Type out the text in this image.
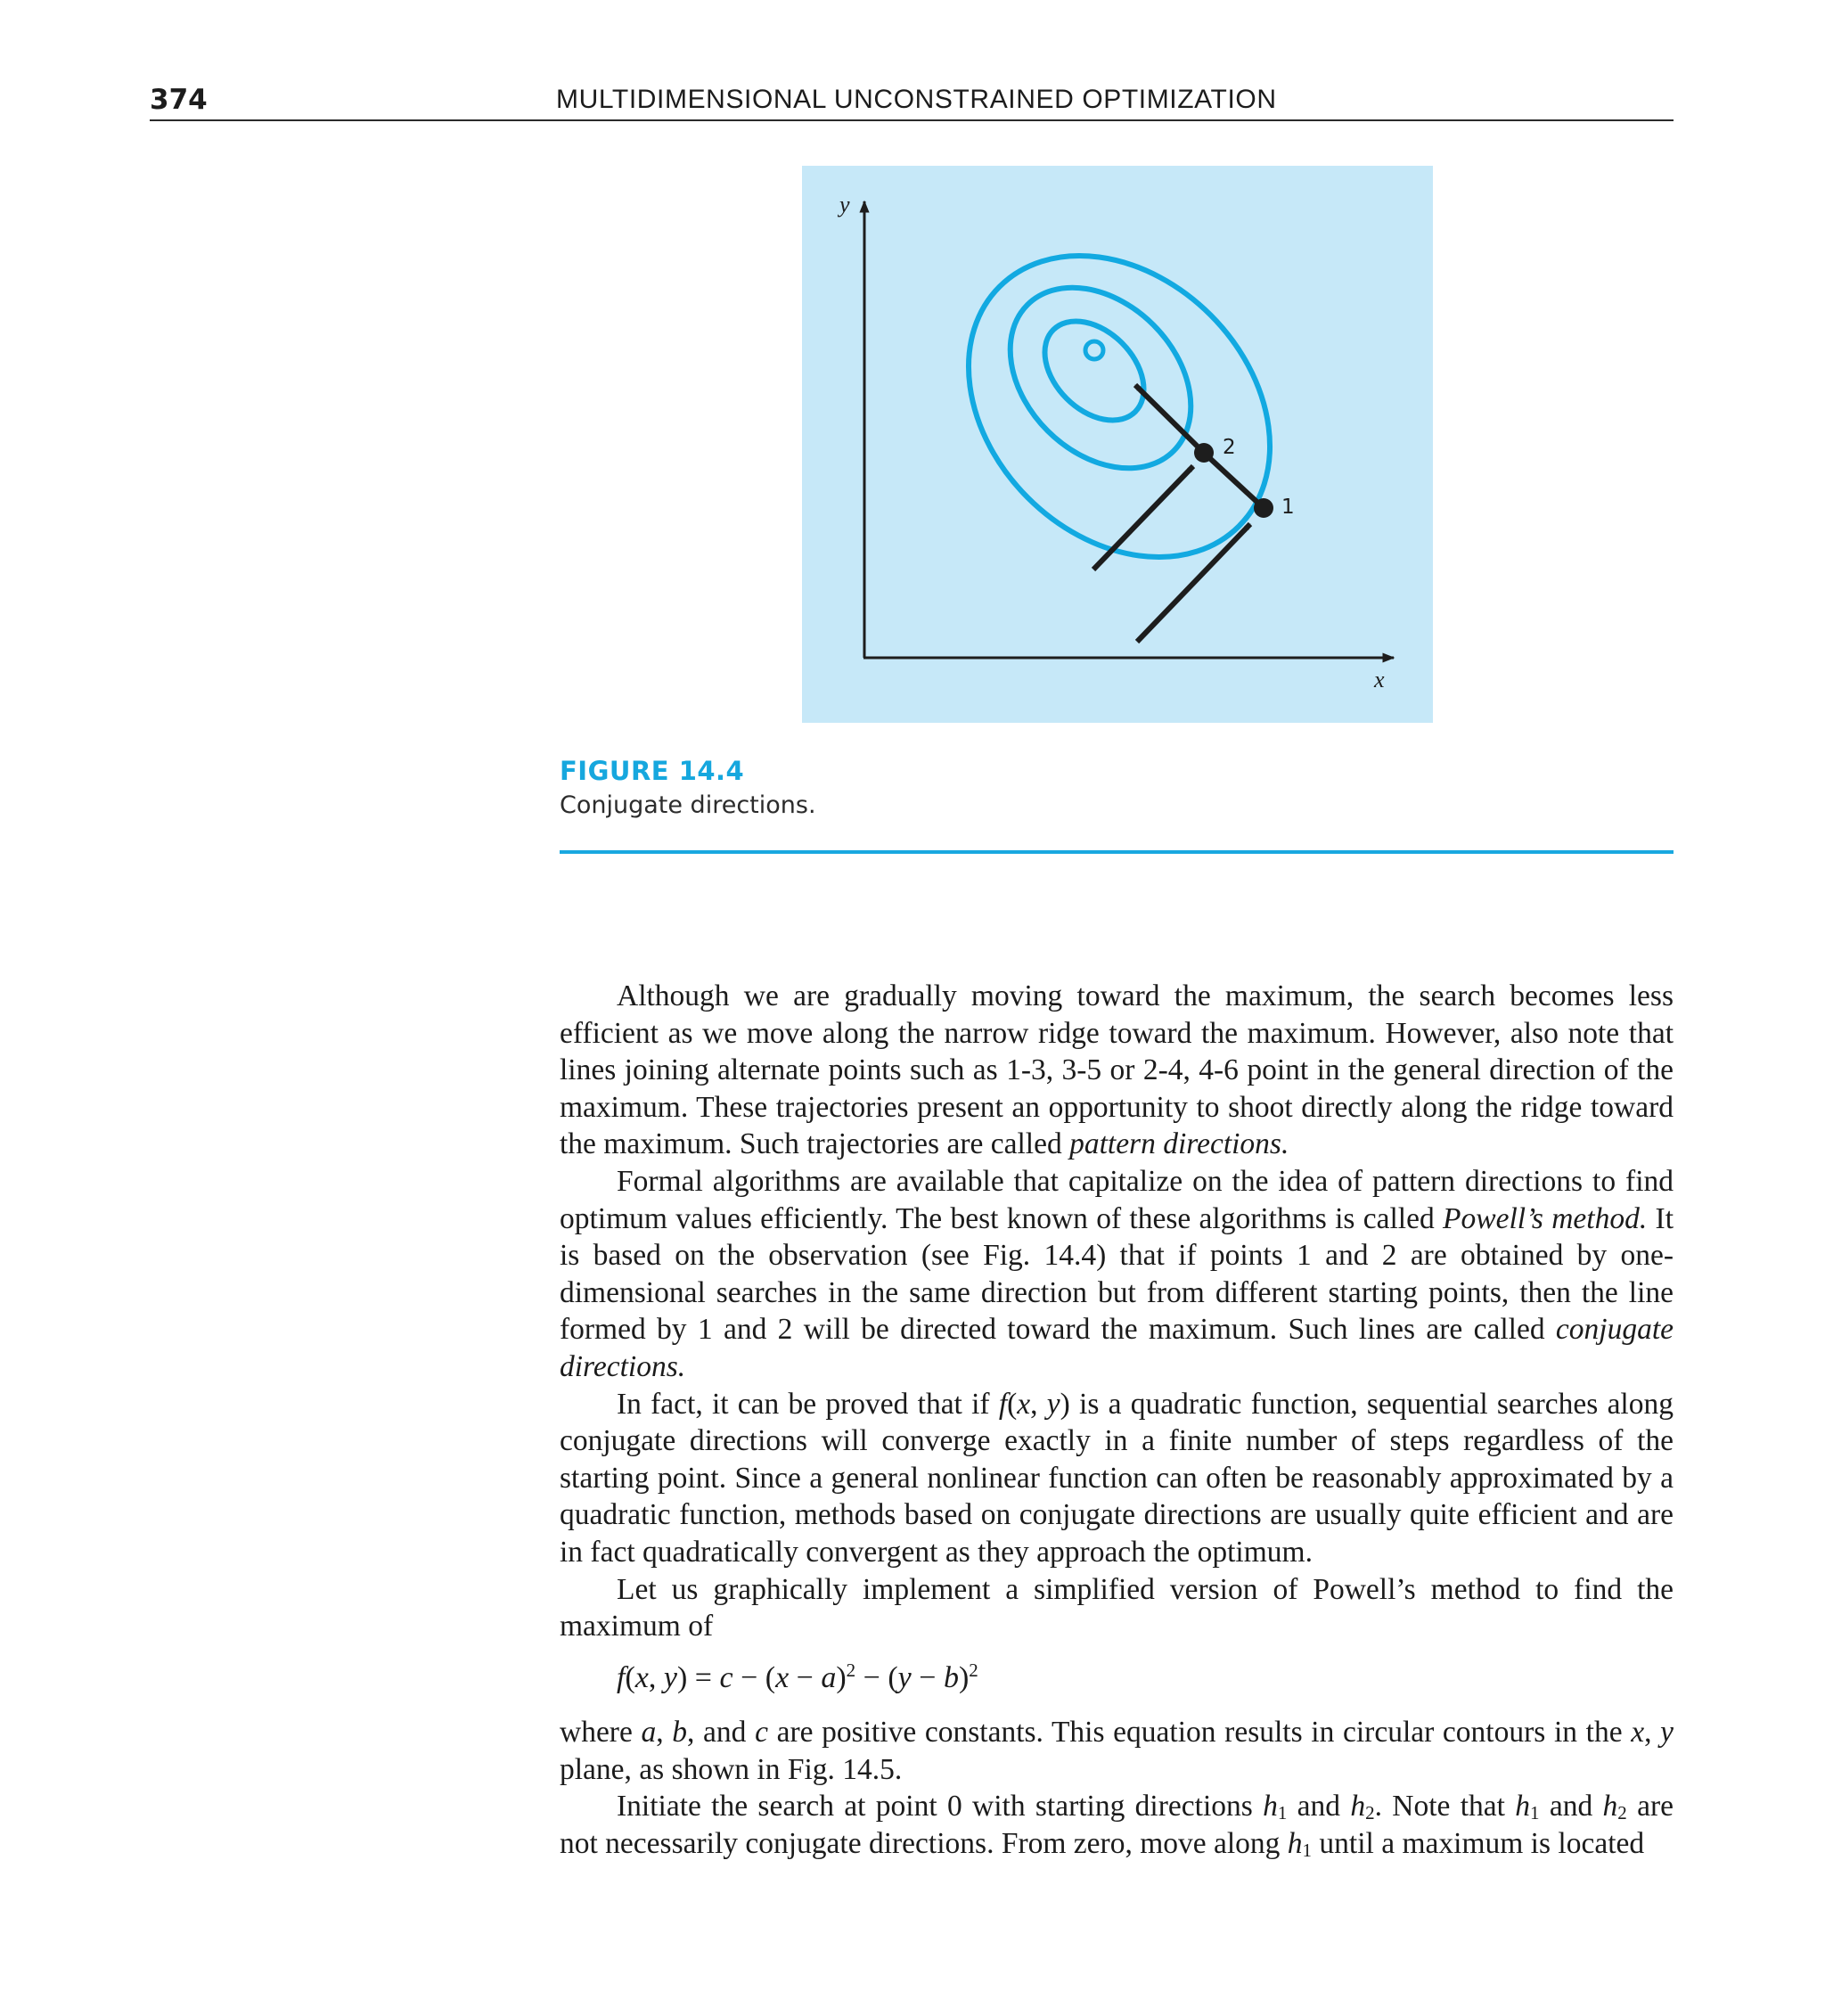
374	MULTIDIMENSIONAL UNCONSTRAINED OPTIMIZATION
y
x
2
1
FIGURE 14.4
Conjugate directions.

Although we are gradually moving toward the maximum, the search becomes less efficient as we move along the narrow ridge toward the maximum. However, also note that lines joining alternate points such as 1-3, 3-5 or 2-4, 4-6 point in the general direction of the maximum. These trajectories present an opportunity to shoot directly along the ridge toward the maximum. Such trajectories are called pattern directions.

Formal algorithms are available that capitalize on the idea of pattern directions to find optimum values efficiently. The best known of these algorithms is called Powell’s method. It is based on the observation (see Fig. 14.4) that if points 1 and 2 are obtained by one-dimensional searches in the same direction but from different starting points, then the line formed by 1 and 2 will be directed toward the maximum. Such lines are called conjugate directions.

In fact, it can be proved that if f(x, y) is a quadratic function, sequential searches along conjugate directions will converge exactly in a finite number of steps regardless of the starting point. Since a general nonlinear function can often be reasonably approximated by a quadratic function, methods based on conjugate directions are usually quite efficient and are in fact quadratically convergent as they approach the optimum.

Let us graphically implement a simplified version of Powell’s method to find the maximum of

f(x, $y) = c - (x - a)^2 - (y - b)^2$

where a, b, and c are positive constants. This equation results in circular contours in the x, y plane, as shown in Fig. 14.5.

Initiate the search at point 0 with starting directions $h_1$ and $h_2$. Note that $h_1$ and $h_2$ are not necessarily conjugate directions. From zero, move along $h_1$ until a maximum is located
